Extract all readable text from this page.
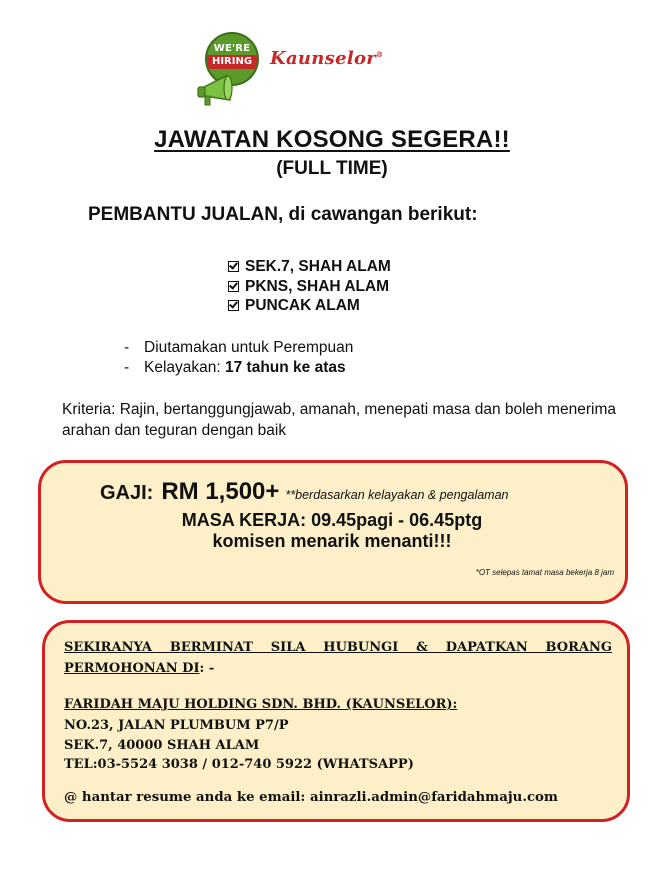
WE'RE
HIRING Kaunselor®
JAWATAN KOSONG SEGERA!!
(FULL TIME)
PEMBANTU JUALAN, di cawangan berikut:
SEK.7, SHAH ALAM
PKNS, SHAH ALAM
PUNCAK ALAM
- Diutamakan untuk Perempuan
- Kelayakan: 17 tahun ke atas
Kriteria: Rajin, bertanggungjawab, amanah, menepati masa dan boleh menerima arahan dan teguran dengan baik
GAJI: RM 1,500+ **berdasarkan kelayakan & pengalaman
MASA KERJA: 09.45pagi - 06.45ptg
komisen menarik menanti!!!
*OT selepas tamat masa bekerja 8 jam
SEKIRANYA BERMINAT SILA HUBUNGI & DAPATKAN BORANG
PERMOHONAN DI: -
FARIDAH MAJU HOLDING SDN. BHD. (KAUNSELOR):
NO.23, JALAN PLUMBUM P7/P
SEK.7, 40000 SHAH ALAM
TEL:03-5524 3038 / 012-740 5922 (WHATSAPP)
@ hantar resume anda ke email: ainrazli.admin@faridahmaju.com
